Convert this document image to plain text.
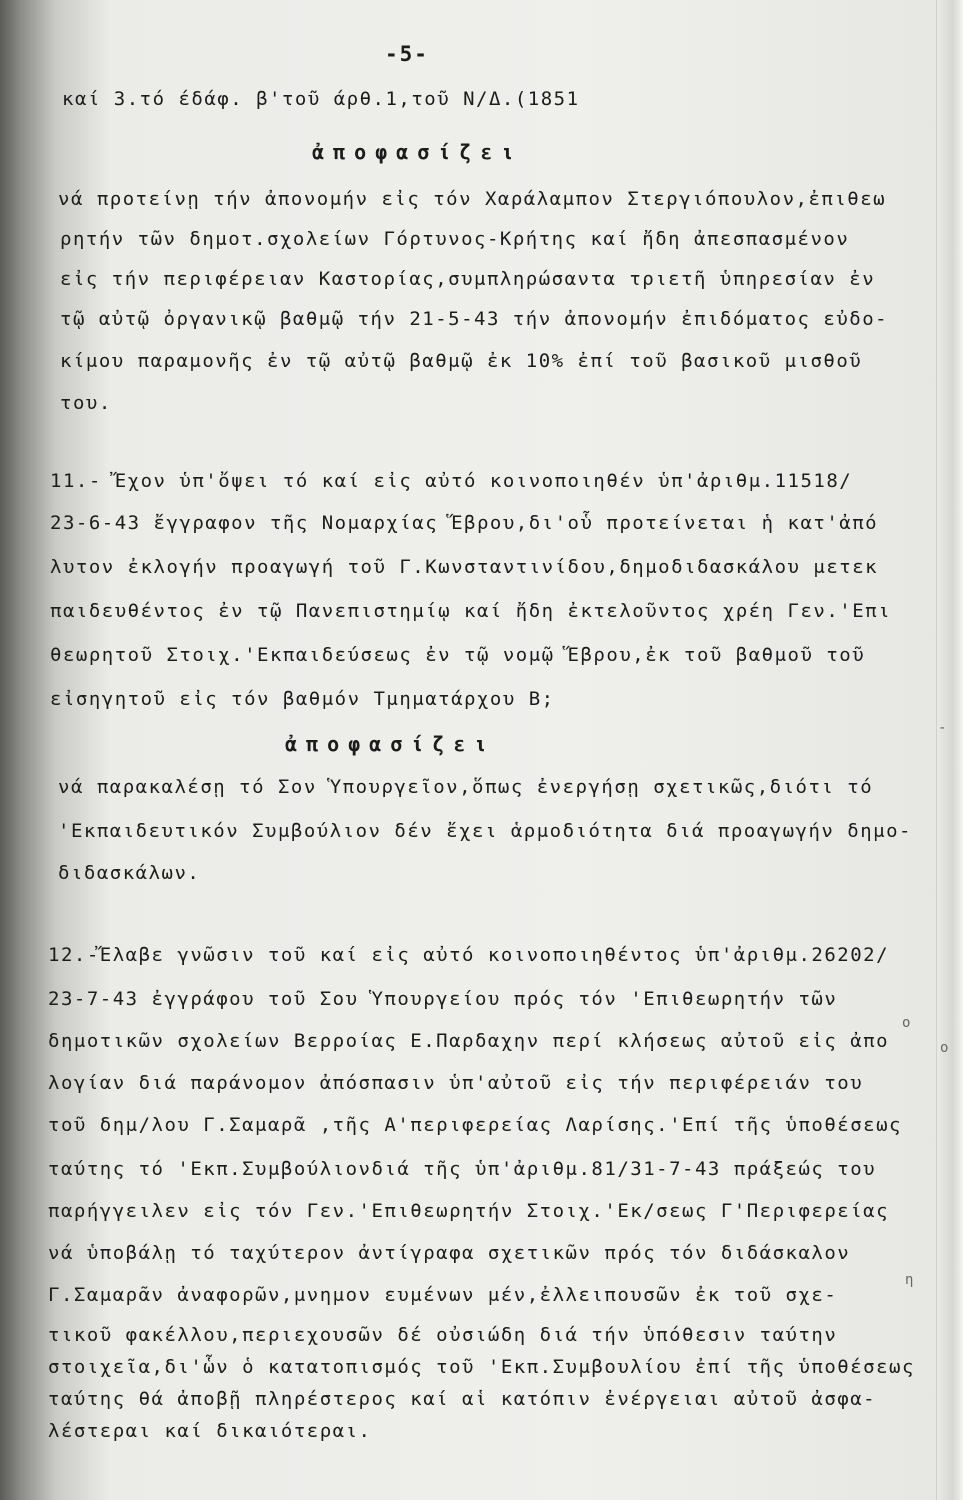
-5-
καί 3.τό έδάφ. β'τοῦ άρθ.1,τοῦ Ν/Δ.(1851
ἀποφασίζει
νά προτείνῃ τήν ἀπονομήν εἰς τόν Χαράλαμπον Στεργιόπουλον,ἐπιθεω
ρητήν τῶν δημοτ.σχολείων Γόρτυνος-Κρήτης καί ἤδη ἀπεσπασμένον
εἰς τήν περιφέρειαν Καστορίας,συμπληρώσαντα τριετῆ ὑπηρεσίαν ἐν
τῷ αὐτῷ ὀργανικῷ βαθμῷ τήν 21-5-43 τήν ἀπονομήν ἐπιδόματος εὐδο-
κίμου παραμονῆς ἐν τῷ αὐτῷ βαθμῷ ἐκ 10% ἐπί τοῦ βασικοῦ μισθοῦ
του.
11.- Ἔχον ὑπ'ὄψει τό καί εἰς αὐτό κοινοποιηθέν ὑπ'ἀριθμ.11518/
23-6-43 ἔγγραφον τῆς Νομαρχίας Ἕβρου,δι'οὗ προτείνεται ἡ κατ'ἀπό
λυτον ἐκλογήν προαγωγή τοῦ Γ.Κωνσταντινίδου,δημοδιδασκάλου μετεκ
παιδευθέντος ἐν τῷ Πανεπιστημίῳ καί ἤδη ἐκτελοῦντος χρέη Γεν.'Επι
θεωρητοῦ Στοιχ.'Εκπαιδεύσεως ἐν τῷ νομῷ Ἕβρου,ἐκ τοῦ βαθμοῦ τοῦ
εἰσηγητοῦ εἰς τόν βαθμόν Τμηματάρχου Β;
ἀποφασίζει
νά παρακαλέσῃ τό Σον Ὑπουργεῖον,ὅπως ἐνεργήσῃ σχετικῶς,διότι τό
'Εκπαιδευτικόν Συμβούλιον δέν ἔχει ἁρμοδιότητα διά προαγωγήν δημο-
διδασκάλων.
12.-Ἔλαβε γνῶσιν τοῦ καί εἰς αὐτό κοινοποιηθέντος ὑπ'ἀριθμ.26202/
23-7-43 ἐγγράφου τοῦ Σου Ὑπουργείου πρός τόν 'Επιθεωρητήν τῶν
δημοτικῶν σχολείων Βερροίας Ε.Παρδαχην περί κλήσεως αὐτοῦ εἰς ἀπο
λογίαν διά παράνομον ἀπόσπασιν ὑπ'αὐτοῦ εἰς τήν περιφέρειάν του
τοῦ δημ/λου Γ.Σαμαρᾶ ,τῆς Α'περιφερείας Λαρίσης.'Επί τῆς ὑποθέσεως
ταύτης τό 'Εκπ.Συμβούλιονδιά τῆς ὑπ'ἀριθμ.81/31-7-43 πράξεώς του
παρήγγειλεν εἰς τόν Γεν.'Επιθεωρητήν Στοιχ.'Εκ/σεως Γ'Περιφερείας
νά ὑποβάλῃ τό ταχύτερον ἀντίγραφα σχετικῶν πρός τόν διδάσκαλον
Γ.Σαμαρᾶν ἀναφορῶν,μνημον ευμένων μέν,ἐλλειπουσῶν ἐκ τοῦ σχε-
τικοῦ φακέλλου,περιεχουσῶν δέ οὐσιώδη διά τήν ὑπόθεσιν ταύτην
στοιχεῖα,δι'ὧν ὁ κατατοπισμός τοῦ 'Εκπ.Συμβουλίου ἐπί τῆς ὑποθέσεως
ταύτης θά ἀποβῇ πληρέστερος καί αἱ κατόπιν ἐνέργειαι αὐτοῦ ἀσφα-
λέστεραι καί δικαιότεραι.
ο
-
ο
η
